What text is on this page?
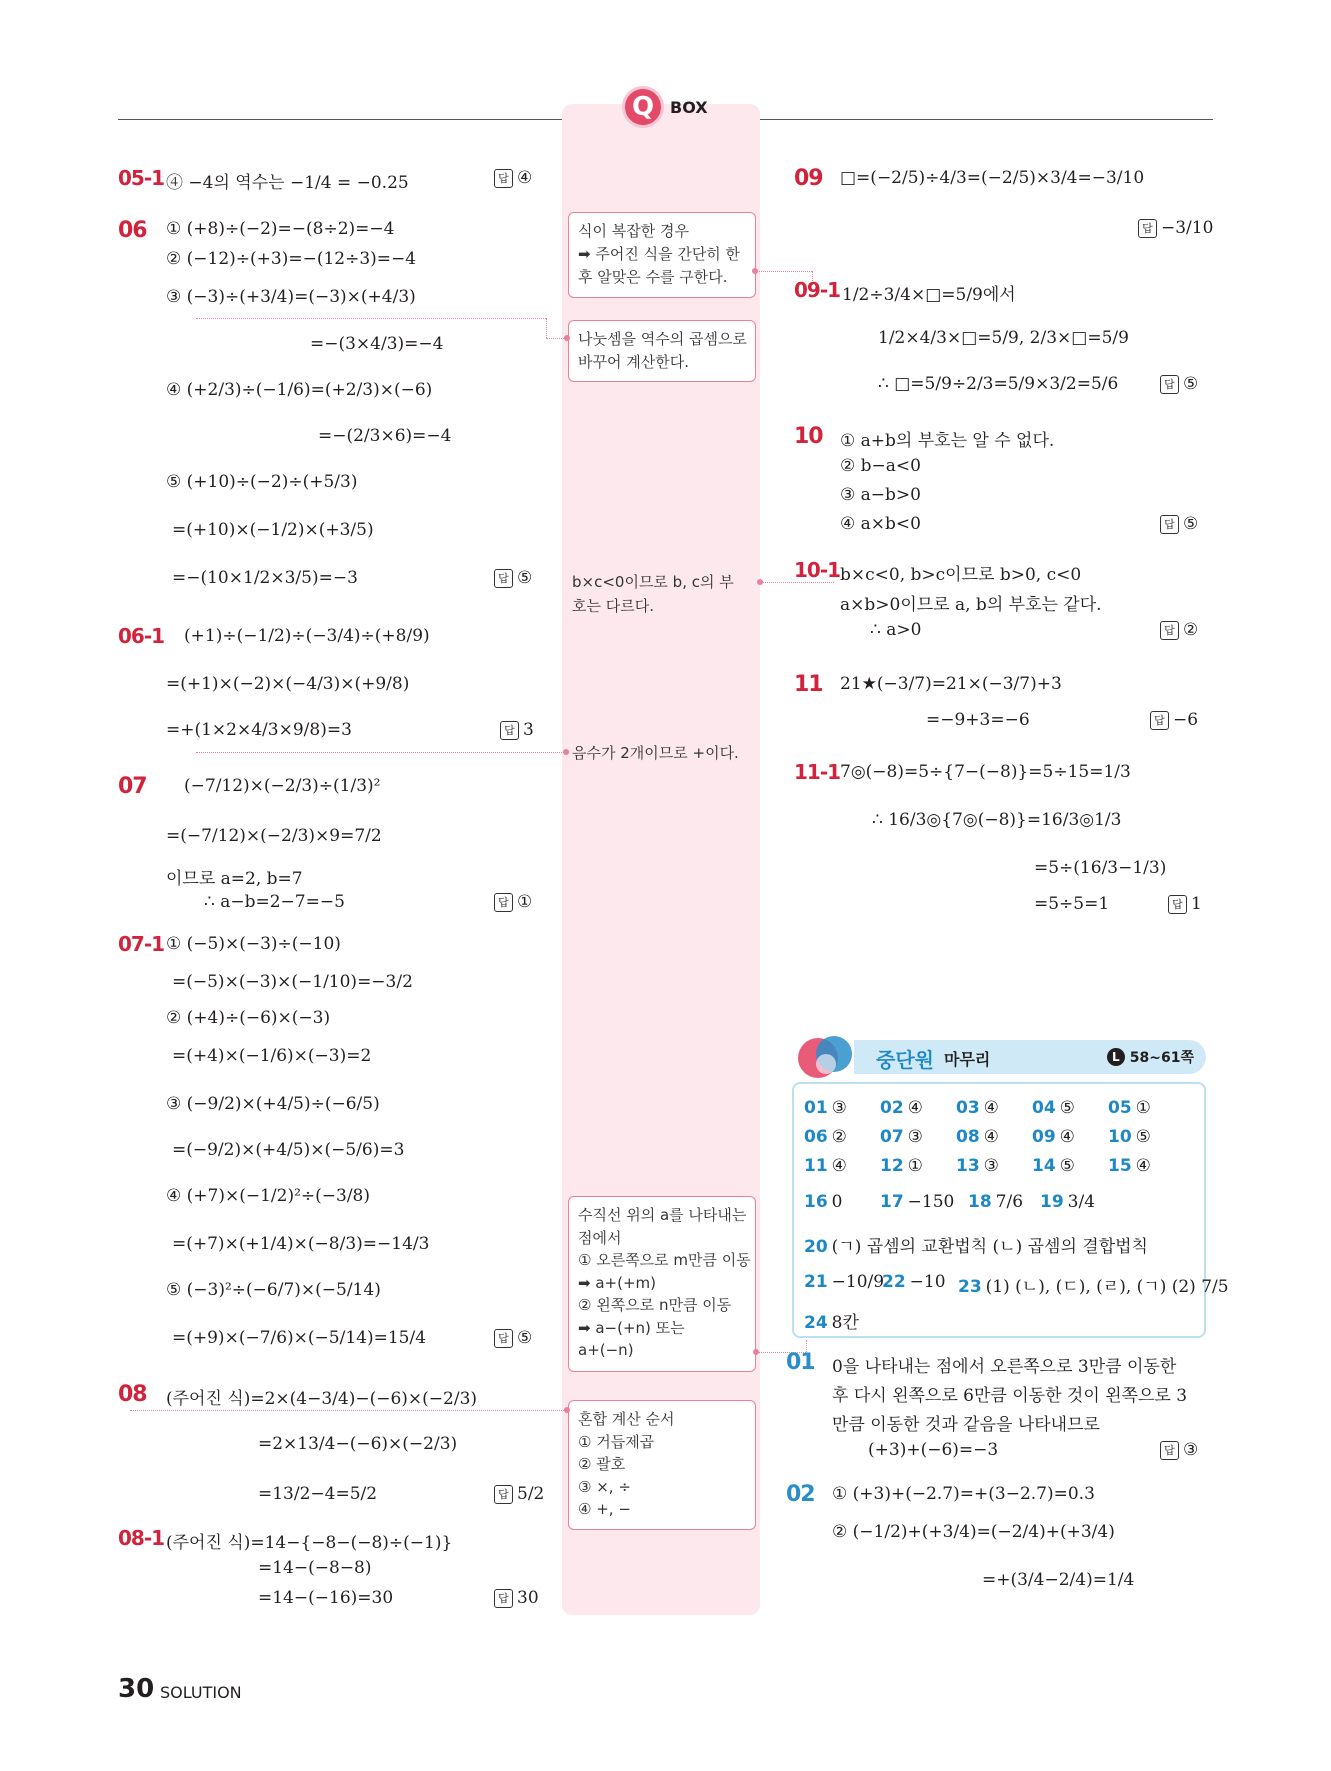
Q BOX
식이 복잡한 경우
➡ 주어진 식을 간단히 한
후 알맞은 수를 구한다.
나눗셈을 역수의 곱셈으로
바꾸어 계산한다.
b×c<0이므로 b, c의 부
호는 다르다.
음수가 2개이므로 +이다.
수직선 위의 a를 나타내는
점에서
① 오른쪽으로 m만큼 이동
➡ a+(+m)
② 왼쪽으로 n만큼 이동
➡ a−(+n) 또는
a+(−n)
혼합 계산 순서
① 거듭제곱
② 괄호
③ ×, ÷
④ +, −
05-1 ④ −4의 역수는 −1/4 = −0.25	답 ④
06 ① (+8)÷(−2)=−(8÷2)=−4
② (−12)÷(+3)=−(12÷3)=−4
③ (−3)÷(+3/4)=(−3)×(+4/3)
=−(3×4/3)=−4
④ (+2/3)÷(−1/6)=(+2/3)×(−6)
=−(2/3×6)=−4
⑤ (+10)÷(−2)÷(+5/3)
=(+10)×(−1/2)×(+3/5)
=−(10×1/2×3/5)=−3	답 ⑤
06-1 (+1)÷(−1/2)÷(−3/4)÷(+8/9)
=(+1)×(−2)×(−4/3)×(+9/8)
=+(1×2×4/3×9/8)=3	답 3
07 (−7/12)×(−2/3)÷(1/3)²
=(−7/12)×(−2/3)×9=7/2
이므로 a=2, b=7
∴ a−b=2−7=−5	답 ①
07-1 ① (−5)×(−3)÷(−10)
=(−5)×(−3)×(−1/10)=−3/2
② (+4)÷(−6)×(−3)
=(+4)×(−1/6)×(−3)=2
③ (−9/2)×(+4/5)÷(−6/5)
=(−9/2)×(+4/5)×(−5/6)=3
④ (+7)×(−1/2)²÷(−3/8)
=(+7)×(+1/4)×(−8/3)=−14/3
⑤ (−3)²÷(−6/7)×(−5/14)
=(+9)×(−7/6)×(−5/14)=15/4	답 ⑤
08 (주어진 식)=2×(4−3/4)−(−6)×(−2/3)
=2×13/4−(−6)×(−2/3)
=13/2−4=5/2	답 5/2
08-1 (주어진 식)=14−{−8−(−8)÷(−1)}
=14−(−8−8)
=14−(−16)=30	답 30
09 □=(−2/5)÷4/3=(−2/5)×3/4=−3/10
답 −3/10
09-1 1/2÷3/4×□=5/9에서
1/2×4/3×□=5/9, 2/3×□=5/9
∴ □=5/9÷2/3=5/9×3/2=5/6	답 ⑤
10 ① a+b의 부호는 알 수 없다.
② b−a<0
③ a−b>0
④ a×b<0	답 ⑤
10-1 b×c<0, b>c이므로 b>0, c<0
a×b>0이므로 a, b의 부호는 같다.
∴ a>0	답 ②
11 21★(−3/7)=21×(−3/7)+3
=−9+3=−6	답 −6
11-1 7◎(−8)=5÷{7−(−8)}=5÷15=1/3
∴ 16/3◎{7◎(−8)}=16/3◎1/3
=5÷(16/3−1/3)
=5÷5=1	답 1
중단원 마무리	L 58~61쪽
01 ③ 02 ④ 03 ④ 04 ⑤ 05 ①
06 ② 07 ③ 08 ④ 09 ④ 10 ⑤
11 ④ 12 ① 13 ③ 14 ⑤ 15 ④
16 0 17 −150 18 7/6 19 3/4
20 (ㄱ) 곱셈의 교환법칙 (ㄴ) 곱셈의 결합법칙
21 −10/9
22 −10 23 (1) (ㄴ), (ㄷ), (ㄹ), (ㄱ) (2) 7/5
24 8칸
01 0을 나타내는 점에서 오른쪽으로 3만큼 이동한
후 다시 왼쪽으로 6만큼 이동한 것이 왼쪽으로 3
만큼 이동한 것과 같음을 나타내므로
(+3)+(−6)=−3	답 ③
02 ① (+3)+(−2.7)=+(3−2.7)=0.3
② (−1/2)+(+3/4)=(−2/4)+(+3/4)
=+(3/4−2/4)=1/4
30 SOLUTION
